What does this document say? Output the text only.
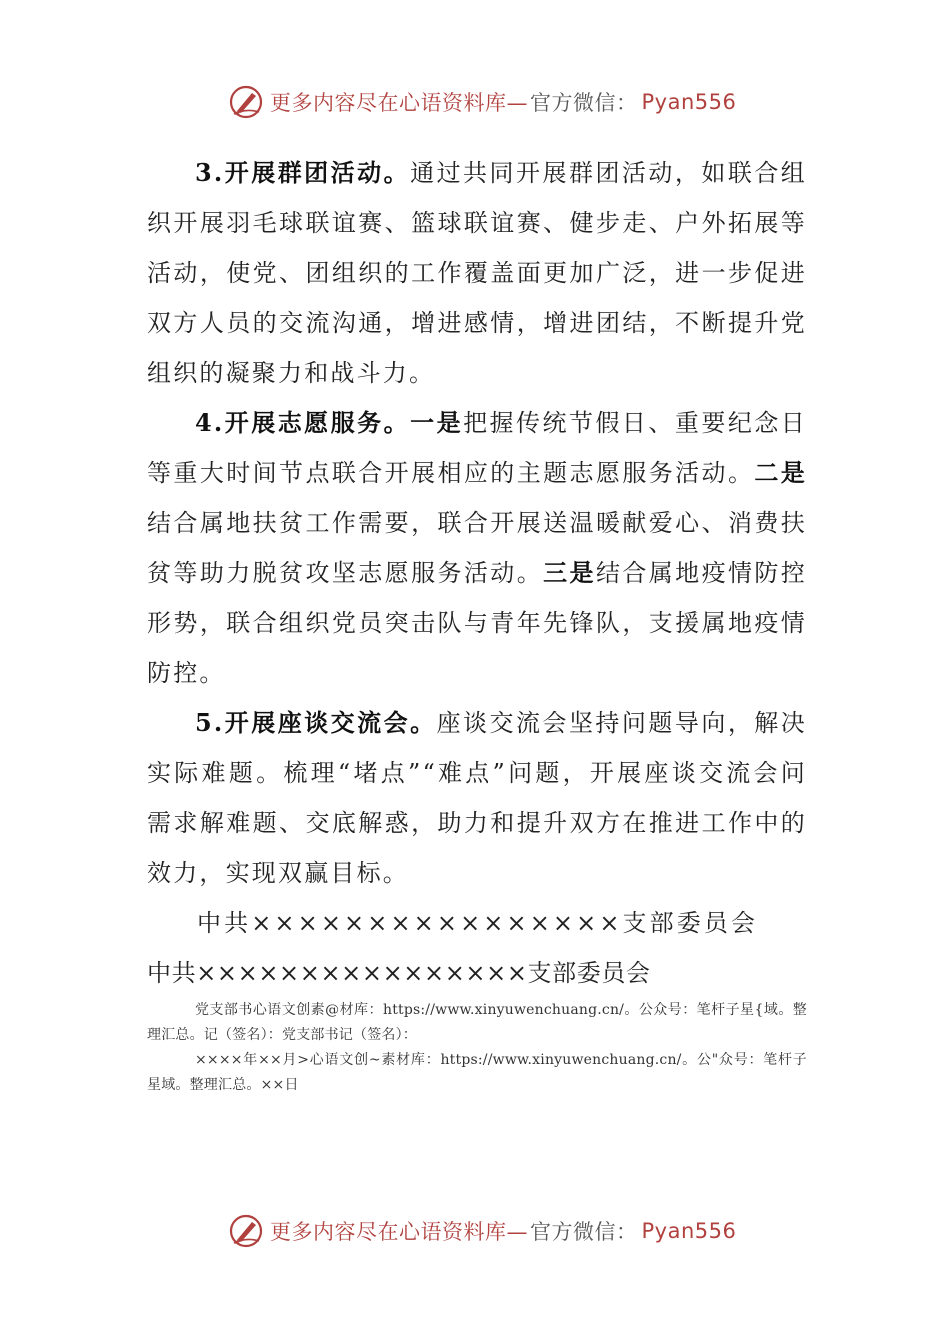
更多内容尽在心语资料库— 官方微信： Pyan556

3.开展群团活动。通过共同开展群团活动，如联合组织开展羽毛球联谊赛、篮球联谊赛、健步走、户外拓展等活动，使党、团组织的工作覆盖面更加广泛，进一步促进双方人员的交流沟通，增进感情，增进团结，不断提升党组织的凝聚力和战斗力。

4.开展志愿服务。一是把握传统节假日、重要纪念日等重大时间节点联合开展相应的主题志愿服务活动。二是结合属地扶贫工作需要，联合开展送温暖献爱心、消费扶贫等助力脱贫攻坚志愿服务活动。三是结合属地疫情防控形势，联合组织党员突击队与青年先锋队，支援属地疫情防控。

5.开展座谈交流会。座谈交流会坚持问题导向，解决实际难题。梳理“堵点”“难点”问题，开展座谈交流会问需求解难题、交底解惑，助力和提升双方在推进工作中的效力，实现双赢目标。

中共××××××××××××××××支部委员会

中共××××××××××××××××支部委员会

党支部书心语文创素@材库：https://www.xinyuwenchuang.cn/。公众号：笔杆子星{域。整理汇总。记（签名）：党支部书记（签名）：

××××年××月>心语文创~素材库：https://www.xinyuwenchuang.cn/。公"众号：笔杆子星域。整理汇总。××日

更多内容尽在心语资料库— 官方微信： Pyan556
